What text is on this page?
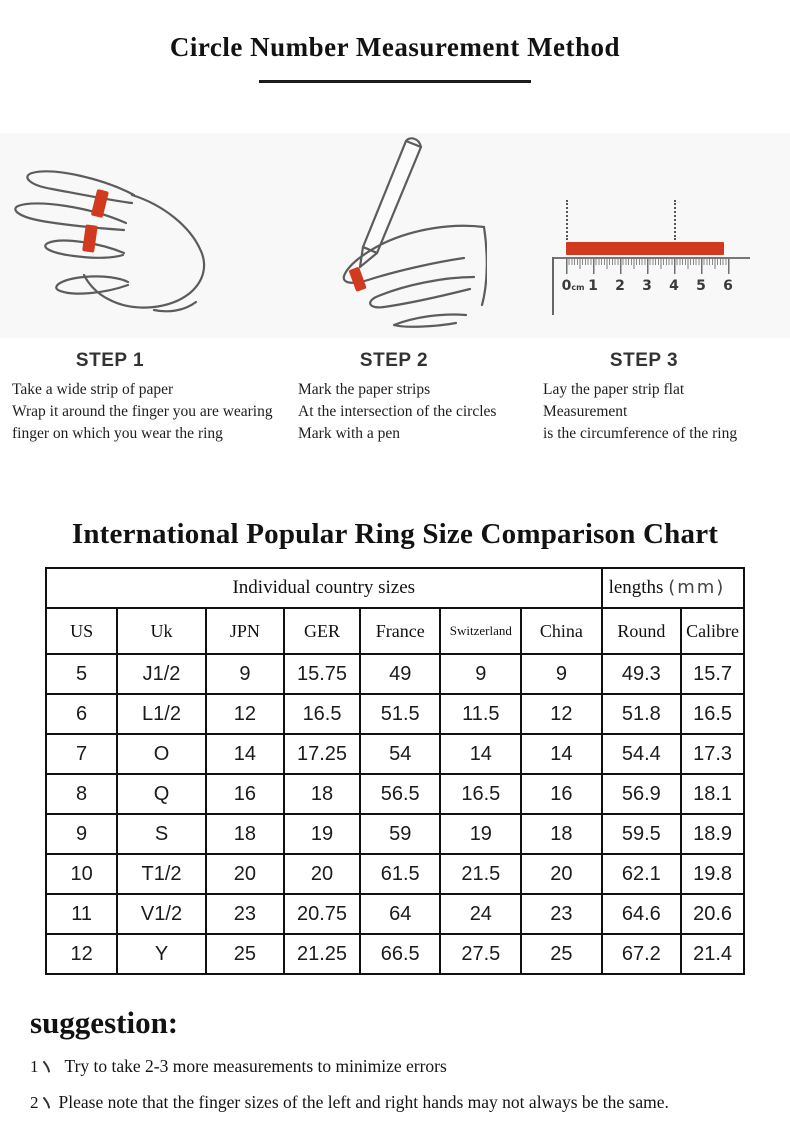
Circle Number Measurement Method
0cm 1	2	3	4	5	6
STEP 1
Take a wide strip of paper
Wrap it around the finger you are wearing
finger on which you wear the ring
STEP 2
Mark the paper strips
At the intersection of the circles
Mark with a pen
STEP 3
Lay the paper strip flat
Measurement
is the circumference of the ring
International Popular Ring Size Comparison Chart
Individual country sizes							lengths (mm)	
US	Uk	JPN	GER	France	Switzerland	China	Round	Calibre
5	J1/2	9	15.75	49	9	9	49.3	15.7
6	L1/2	12	16.5	51.5	11.5	12	51.8	16.5
7	O	14	17.25	54	14	14	54.4	17.3
8	Q	16	18	56.5	16.5	16	56.9	18.1
9	S	18	19	59	19	18	59.5	18.9
10	T1/2	20	20	61.5	21.5	20	62.1	19.8
11	V1/2	23	20.75	64	24	23	64.6	20.6
12	Y	25	21.25	66.5	27.5	25	67.2	21.4
suggestion:
1 Try to take 2-3 more measurements to minimize errors
2 Please note that the finger sizes of the left and right hands may not always be the same.
